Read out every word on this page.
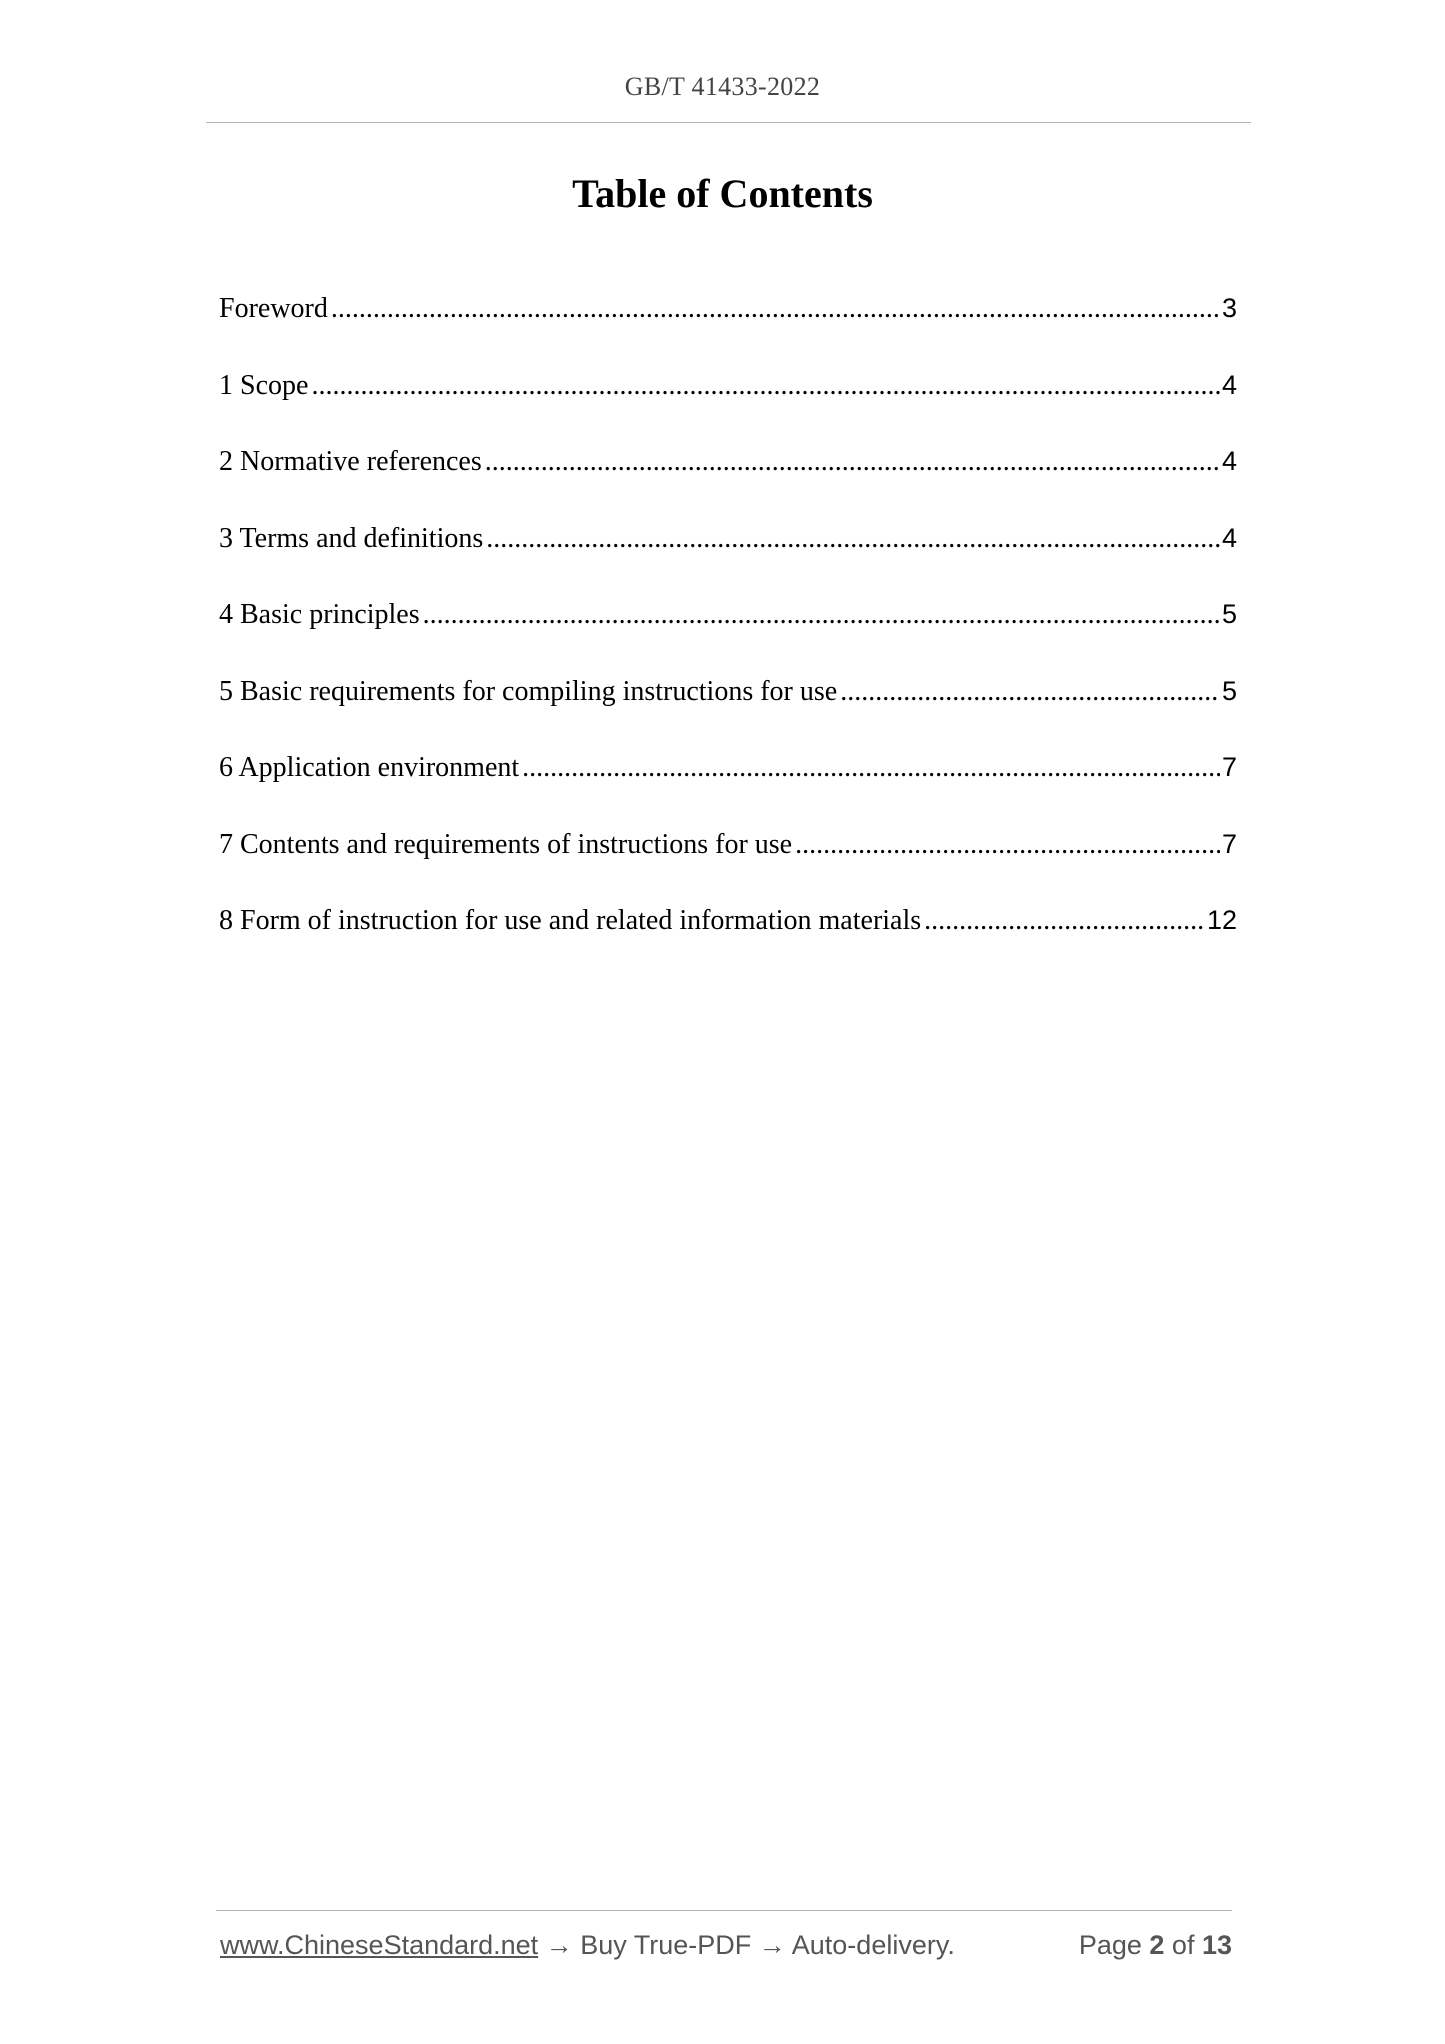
GB/T 41433-2022
Table of Contents
Foreword .....	3
1 Scope .....	4
2 Normative references .....	4
3 Terms and definitions .....	4
4 Basic principles .....	5
5 Basic requirements for compiling instructions for use .....	5
6 Application environment .....	7
7 Contents and requirements of instructions for use .....	7
8 Form of instruction for use and related information materials .....	12
www.ChineseStandard.net → Buy True-PDF → Auto-delivery.	Page 2 of 13
